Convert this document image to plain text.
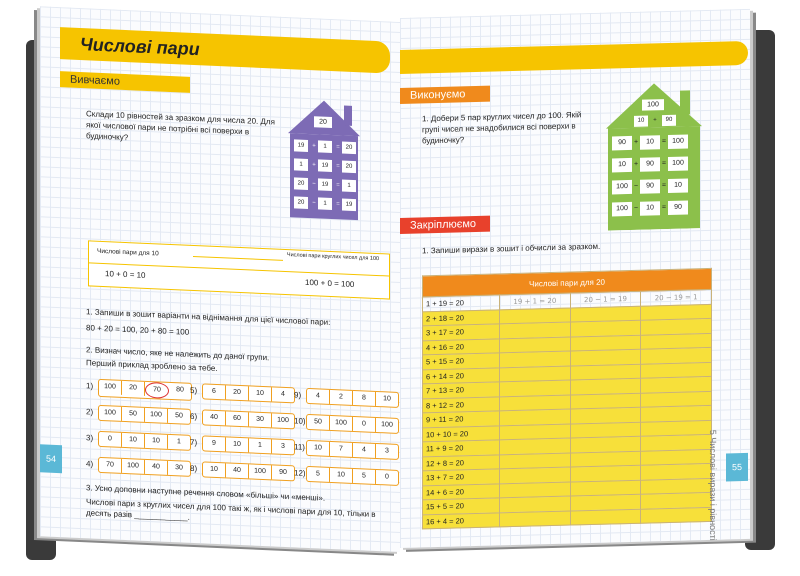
Числові пари
Вивчаємо
Склади 10 рівностей за зразком для числа 20. Для якої числової пари не потрібні всі поверхи в будиночку?
20
19	+	1	= 20
1	+ 19	= 20
20	− 19	=	1
20	−	1	= 19
Числові пари для 10	Числові пари круглих чисел для 100
10 + 0 = 10
100 + 0 = 100
1. Запиши в зошит варіанти на віднімання для цієї числової пари:
80 + 20 = 100, 20 + 80 = 100
2. Визнач число, яке не належить до даної групи.
Перший приклад зроблено за тебе.
1)	100	20	70	80
2)	100	50	100	50
3)	0	10	10	1
4)	70	100	40	30
5)	6	20	10	4
6)	40	60	30	100
7)	9	10	1	3
8)	10	40	100	90
9)	4	2	8	10
10)	50	100	0	100
11)	10	7	4	3
12)	5	10	5	0
3. Усно доповни наступне речення словом «більші» чи «менші».
Числові пари з круглих чисел для 100 такі ж, як і числові пари для 10, тільки в десять разів ____________.
54
Виконуємо
1. Добери 5 пар круглих чисел до 100. Якій групі чисел не знадобилися всі поверхи в будиночку?
100
10	+	90
90	+	10	= 100
10	+	90	= 100
100 −	90	=	10
100 −	10	=	90
Закріплюємо
1. Запиши вирази в зошит і обчисли за зразком.
Числові пари для 20			
1 + 19 = 20	19 + 1 = 20	20 − 1 = 19	20 − 19 = 1
2 + 18 = 20			
3 + 17 = 20			
4 + 16 = 20			
5 + 15 = 20			
6 + 14 = 20			
7 + 13 = 20			
8 + 12 = 20			
9 + 11 = 20			
10 + 10 = 20			
11 + 9 = 20			
12 + 8 = 20			
13 + 7 = 20			
14 + 6 = 20			
15 + 5 = 20			
16 + 4 = 20				5 Числові вирази і рівності	55
